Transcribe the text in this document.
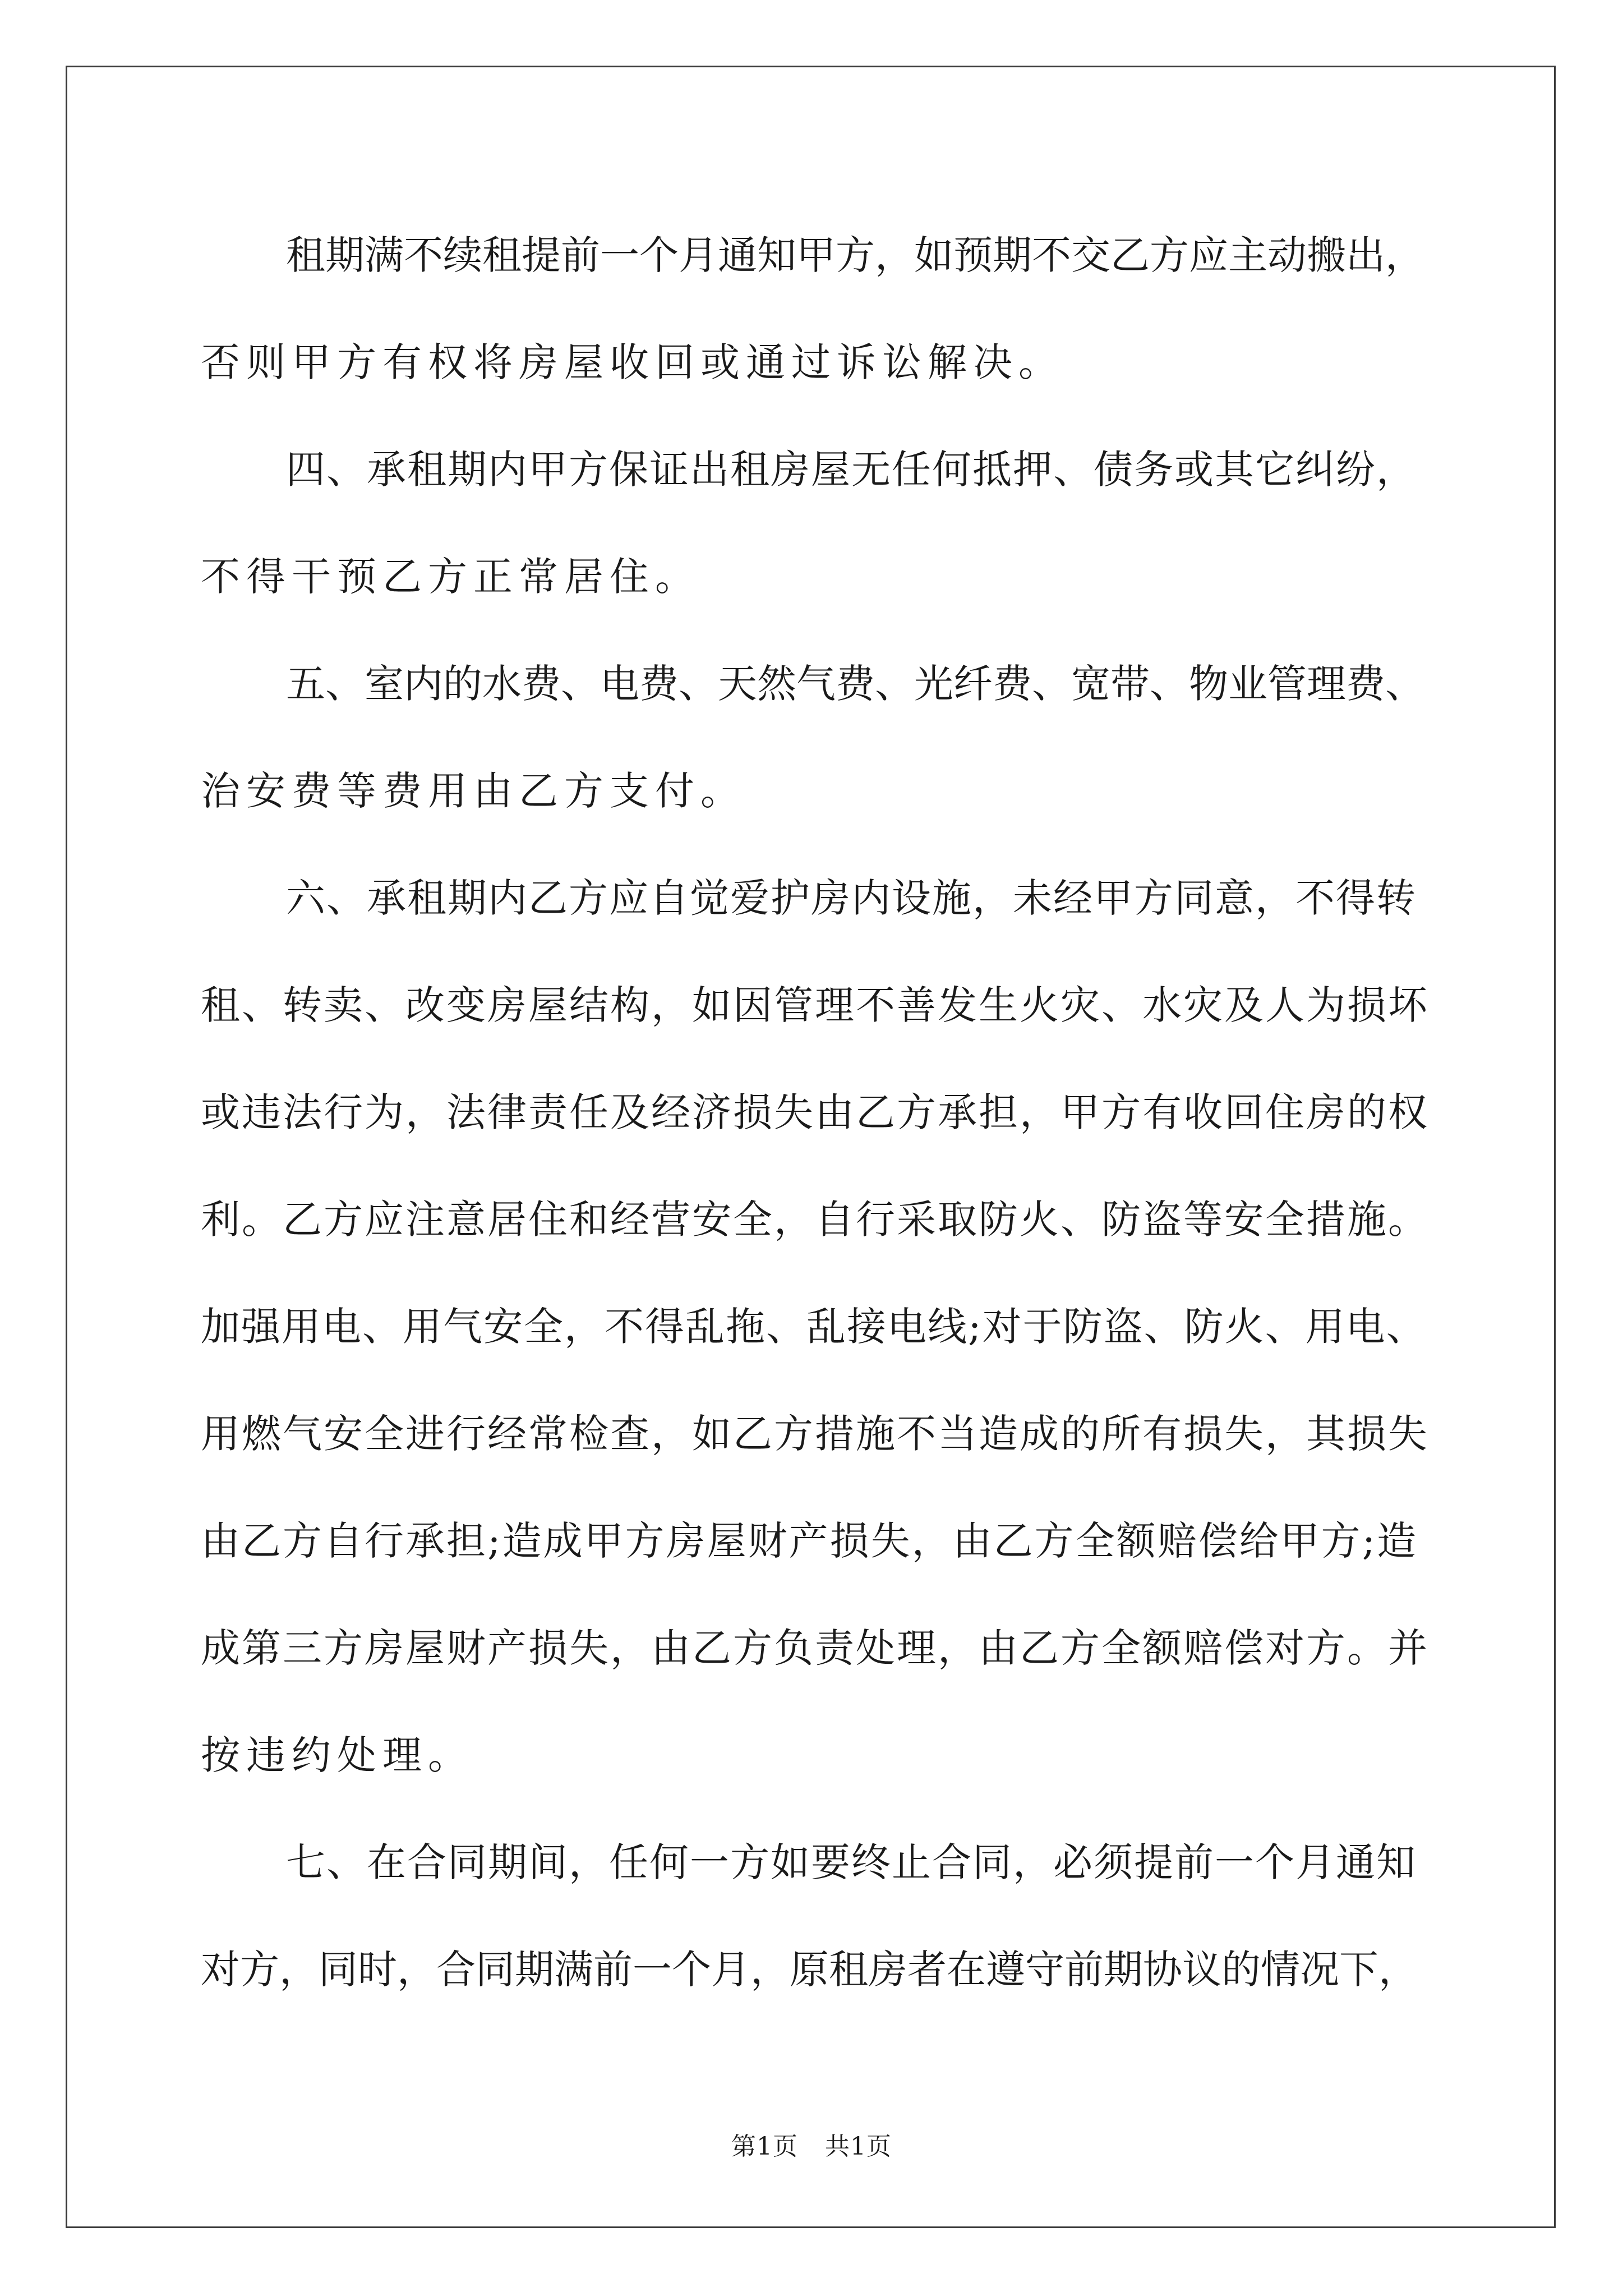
租期满不续租提前一个月通知甲方，如预期不交乙方应主动搬出，
否则甲方有权将房屋收回或通过诉讼解决。
四、承租期内甲方保证出租房屋无任何抵押、债务或其它纠纷，
不得干预乙方正常居住。
五、室内的水费、电费、天然气费、光纤费、宽带、物业管理费、
治安费等费用由乙方支付。
六、承租期内乙方应自觉爱护房内设施，未经甲方同意，不得转
租、转卖、改变房屋结构，如因管理不善发生火灾、水灾及人为损坏
或违法行为，法律责任及经济损失由乙方承担，甲方有收回住房的权
利。乙方应注意居住和经营安全，自行采取防火、防盗等安全措施。
加强用电、用气安全，不得乱拖、乱接电线;对于防盗、防火、用电、
用燃气安全进行经常检查，如乙方措施不当造成的所有损失，其损失
由乙方自行承担;造成甲方房屋财产损失，由乙方全额赔偿给甲方;造
成第三方房屋财产损失，由乙方负责处理，由乙方全额赔偿对方。并
按违约处理。
七、在合同期间，任何一方如要终止合同，必须提前一个月通知
对方，同时，合同期满前一个月，原租房者在遵守前期协议的情况下，
第1页 共1页
